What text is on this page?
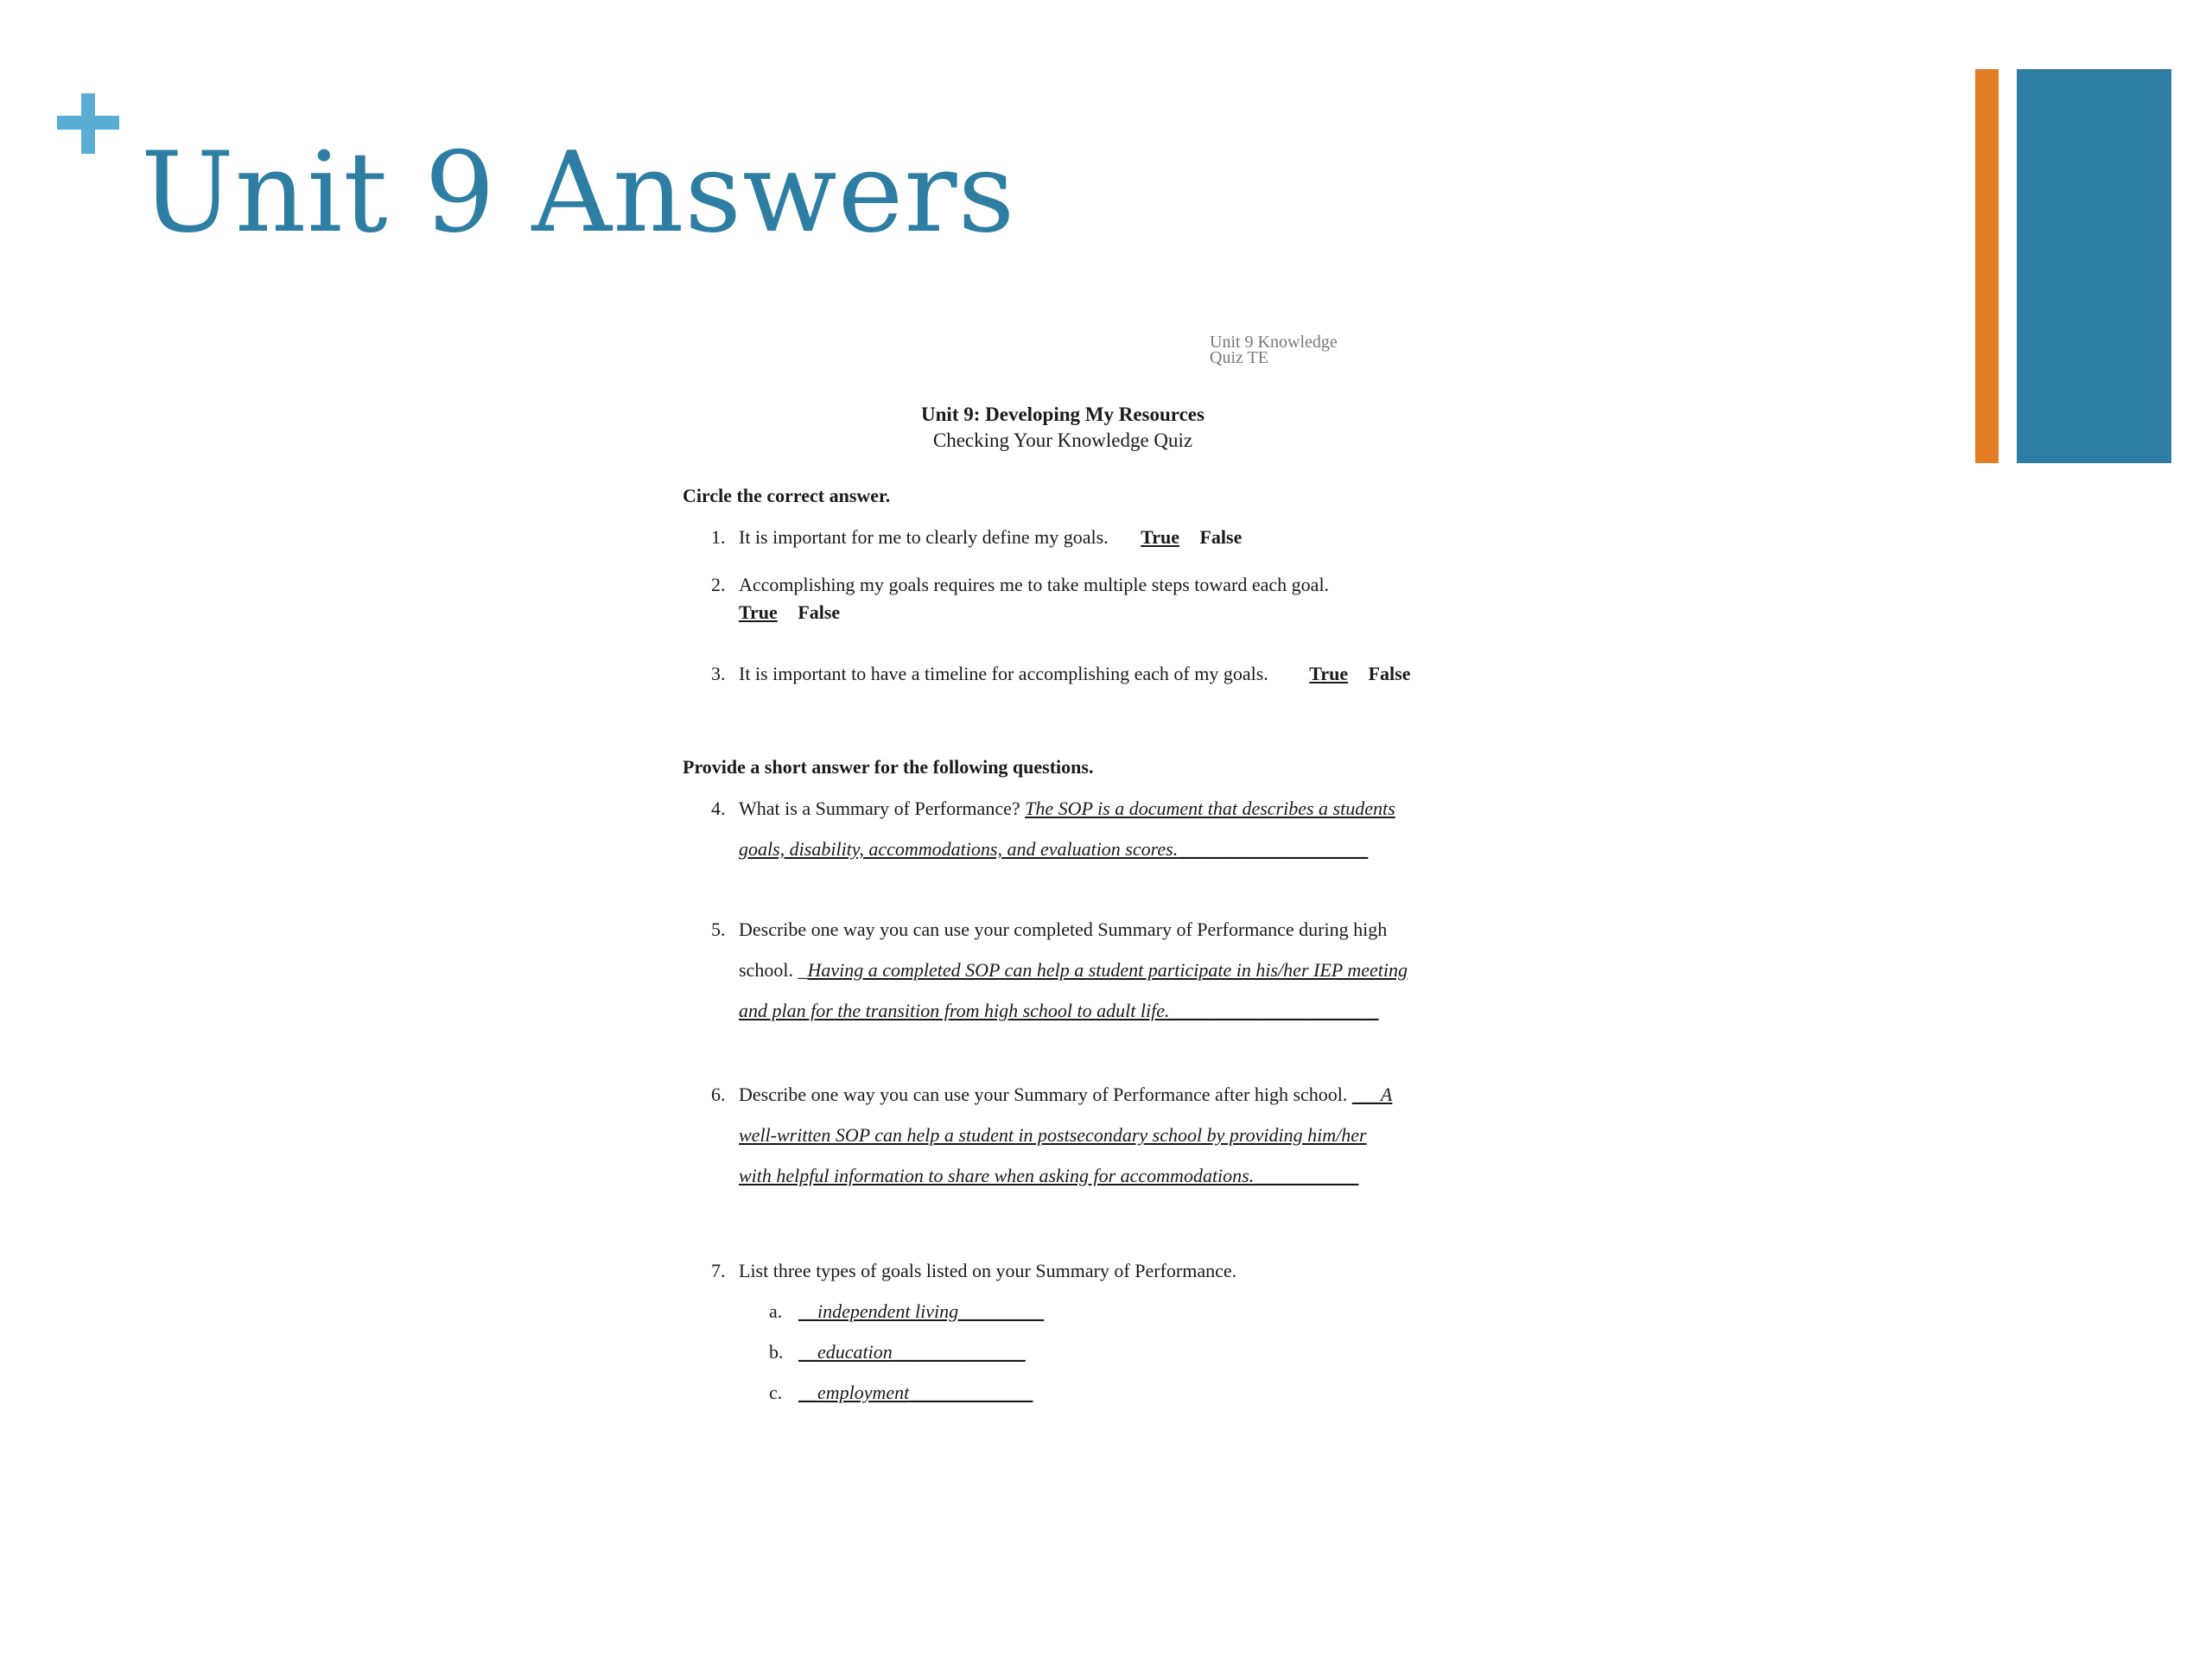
Unit 9 Answers
Unit 9 Knowledge Quiz TE
Unit 9: Developing My Resources
Checking Your Knowledge Quiz
Circle the correct answer.
1. It is important for me to clearly define my goals. True False
2. Accomplishing my goals requires me to take multiple steps toward each goal.
True False
3. It is important to have a timeline for accomplishing each of my goals. True False
Provide a short answer for the following questions.
4. What is a Summary of Performance? The SOP is a document that describes a students
goals, disability, accommodations, and evaluation scores.____________________
5. Describe one way you can use your completed Summary of Performance during high
school. _Having a completed SOP can help a student participate in his/her IEP meeting
and plan for the transition from high school to adult life.______________________
6. Describe one way you can use your Summary of Performance after high school. ___A
well-written SOP can help a student in postsecondary school by providing him/her
with helpful information to share when asking for accommodations.___________
7. List three types of goals listed on your Summary of Performance.
a. __independent living_________
b. __education______________
c. __employment_____________
